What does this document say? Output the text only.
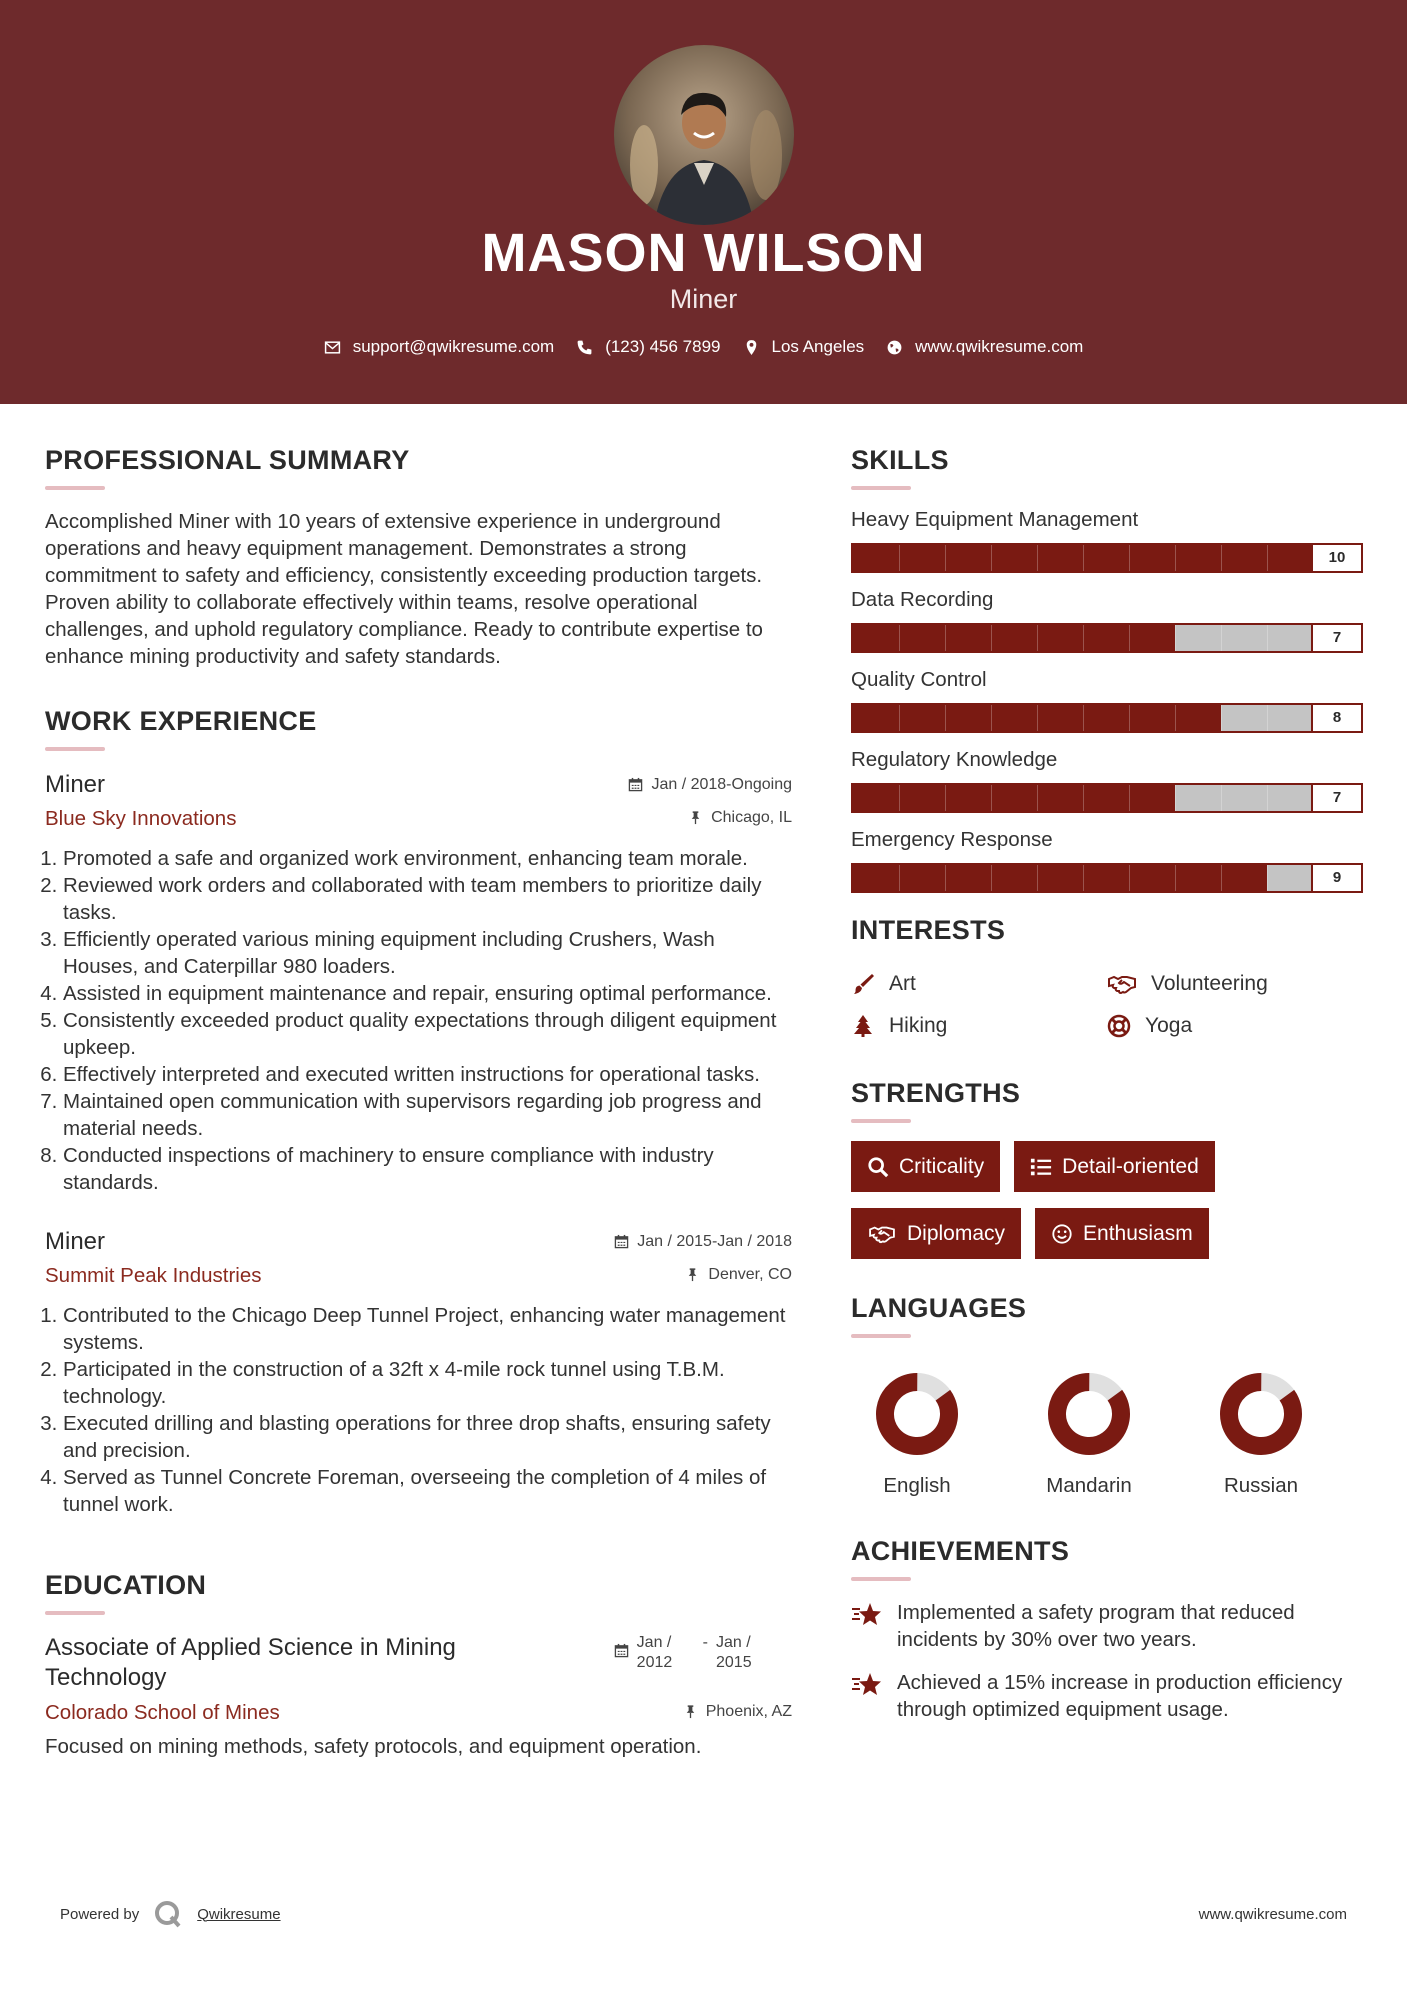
MASON WILSON
Miner
support@qwikresume.com	(123) 456 7899	Los Angeles	www.qwikresume.com
PROFESSIONAL SUMMARY

Accomplished Miner with 10 years of extensive experience in underground operations and heavy equipment management. Demonstrates a strong commitment to safety and efficiency, consistently exceeding production targets. Proven ability to collaborate effectively within teams, resolve operational challenges, and uphold regulatory compliance. Ready to contribute expertise to enhance mining productivity and safety standards.

WORK EXPERIENCE
Miner	Jan / 2018-Ongoing
Blue Sky Innovations	Chicago, IL
1. Promoted a safe and organized work environment, enhancing team morale.
2. Reviewed work orders and collaborated with team members to prioritize daily tasks.
3. Efficiently operated various mining equipment including Crushers, Wash Houses, and Caterpillar 980 loaders.
4. Assisted in equipment maintenance and repair, ensuring optimal performance.
5. Consistently exceeded product quality expectations through diligent equipment upkeep.
6. Effectively interpreted and executed written instructions for operational tasks.
7. Maintained open communication with supervisors regarding job progress and material needs.
8. Conducted inspections of machinery to ensure compliance with industry standards.
Miner	Jan / 2015-Jan / 2018
Summit Peak Industries	Denver, CO
1. Contributed to the Chicago Deep Tunnel Project, enhancing water management systems.
2. Participated in the construction of a 32ft x 4-mile rock tunnel using T.B.M. technology.
3. Executed drilling and blasting operations for three drop shafts, ensuring safety and precision.
4. Served as Tunnel Concrete Foreman, overseeing the completion of 4 miles of tunnel work.
EDUCATION
Associate of Applied Science in Mining Technology
Jan / 2012
- Jan / 2015
Colorado School of Mines	Phoenix, AZ

Focused on mining methods, safety protocols, and equipment operation.

SKILLS
Heavy Equipment Management
10
Data Recording
7
Quality Control
8
Regulatory Knowledge
7
Emergency Response
9
INTERESTS
Art	Volunteering
Hiking	Yoga
STRENGTHS
Criticality	Detail-oriented
Diplomacy	Enthusiasm
LANGUAGES
English	Mandarin	Russian
ACHIEVEMENTS
Implemented a safety program that reduced incidents by 30% over two years.
Achieved a 15% increase in production efficiency through optimized equipment usage.
Powered by	Qwikresume	www.qwikresume.com
